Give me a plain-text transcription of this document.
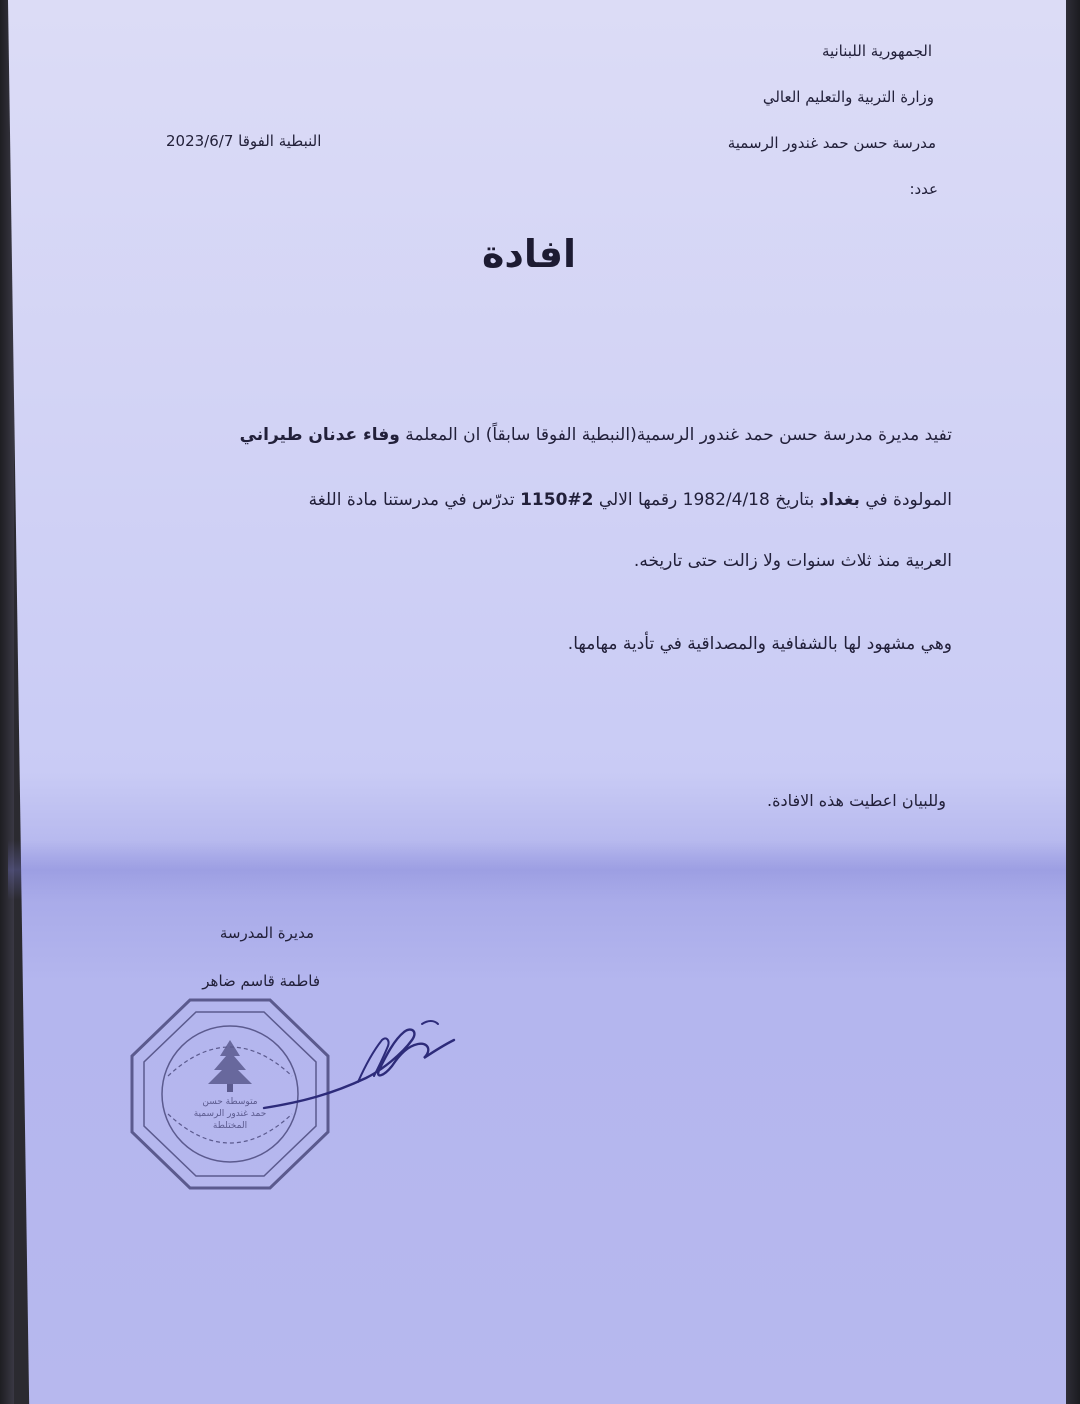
الجمهورية اللبنانية
وزارة التربية والتعليم العالي
مدرسة حسن حمد غندور الرسمية
عدد:
النبطية الفوقا 2023/6/7
افادة
تفيد مديرة مدرسة حسن حمد غندور الرسمية(النبطية الفوقا سابقاً) ان المعلمة وفاء عدنان طيراني
المولودة في بغداد بتاريخ 1982/4/18 رقمها الالي 1150#2 تدرّس في مدرستنا مادة اللغة
العربية منذ ثلاث سنوات ولا زالت حتى تاريخه.
وهي مشهود لها بالشفافية والمصداقية في تأدية مهامها.
وللبيان اعطيت هذه الافادة.
مديرة المدرسة
فاطمة قاسم ضاهر
متوسطة حسن
حمد غندور الرسمية
المختلطة
